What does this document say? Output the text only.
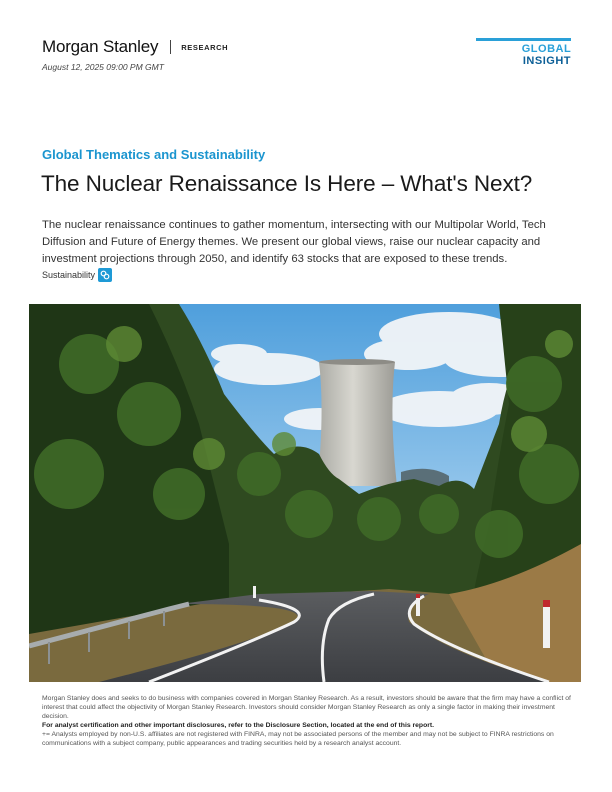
Morgan Stanley	RESEARCH
August 12, 2025 09:00 PM GMT
GLOBAL INSIGHT
Global Thematics and Sustainability
The Nuclear Renaissance Is Here – What's Next?
The nuclear renaissance continues to gather momentum, intersecting with our Multipolar World, Tech Diffusion and Future of Energy themes. We present our global views, raise our nuclear capacity and investment projections through 2050, and identify 63 stocks that are exposed to these trends.
Sustainability

Morgan Stanley does and seeks to do business with companies covered in Morgan Stanley Research. As a result, investors should be aware that the firm may have a conflict of interest that could affect the objectivity of Morgan Stanley Research. Investors should consider Morgan Stanley Research as only a single factor in making their investment decision.

For analyst certification and other important disclosures, refer to the Disclosure Section, located at the end of this report.

+= Analysts employed by non-U.S. affiliates are not registered with FINRA, may not be associated persons of the member and may not be subject to FINRA restrictions on communications with a subject company, public appearances and trading securities held by a research analyst account.
